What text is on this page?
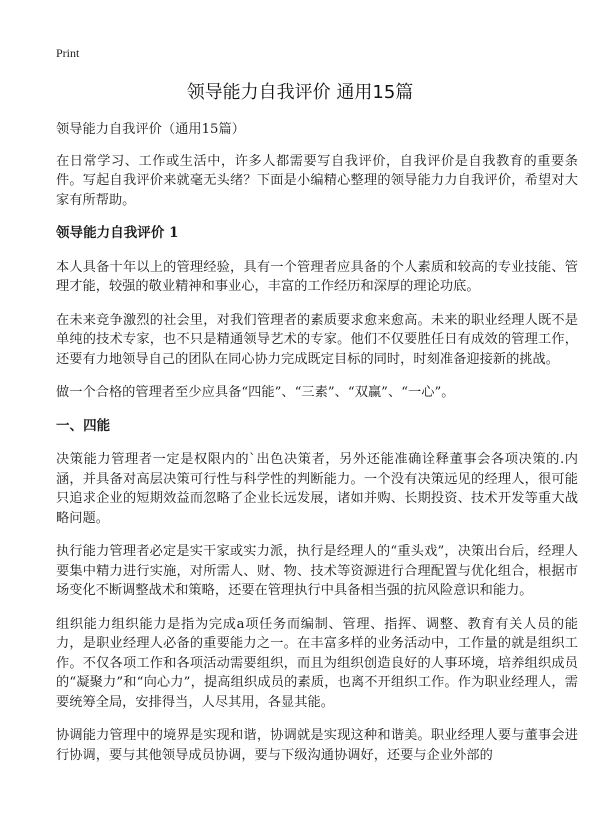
Print
领导能力自我评价 通用15篇

领导能力自我评价（通用15篇）

在日常学习、工作或生活中，许多人都需要写自我评价，自我评价是自我教育的重要条件。写起自我评价来就毫无头绪？下面是小编精心整理的领导能力力自我评价，希望对大家有所帮助。

领导能力自我评价 1

本人具备十年以上的管理经验，具有一个管理者应具备的个人素质和较高的专业技能、管理才能，较强的敬业精神和事业心，丰富的工作经历和深厚的理论功底。

在未来竞争激烈的社会里，对我们管理者的素质要求愈来愈高。未来的职业经理人既不是单纯的技术专家，也不只是精通领导艺术的专家。他们不仅要胜任日有成效的管理工作，还要有力地领导自己的团队在同心协力完成既定目标的同时，时刻准备迎接新的挑战。

做一个合格的管理者至少应具备“四能”、“三素”、“双赢”、“一心”。

一、四能

决策能力管理者一定是权限内的`出色决策者，另外还能准确诠释董事会各项决策的.内涵，并具备对高层决策可行性与科学性的判断能力。一个没有决策远见的经理人，很可能只追求企业的短期效益而忽略了企业长远发展，诸如并购、长期投资、技术开发等重大战略问题。

执行能力管理者必定是实干家或实力派，执行是经理人的“重头戏”，决策出台后，经理人要集中精力进行实施，对所需人、财、物、技术等资源进行合理配置与优化组合，根据市场变化不断调整战术和策略，还要在管理执行中具备相当强的抗风险意识和能力。

组织能力组织能力是指为完成a项任务而编制、管理、指挥、调整、教育有关人员的能力，是职业经理人必备的重要能力之一。在丰富多样的业务活动中，工作量的就是组织工作。不仅各项工作和各项活动需要组织，而且为组织创造良好的人事环境，培养组织成员的“凝聚力”和“向心力”，提高组织成员的素质，也离不开组织工作。作为职业经理人，需要统筹全局，安排得当，人尽其用，各显其能。

协调能力管理中的境界是实现和谐，协调就是实现这种和谐美。职业经理人要与董事会进行协调，要与其他领导成员协调，要与下级沟通协调好，还要与企业外部的
